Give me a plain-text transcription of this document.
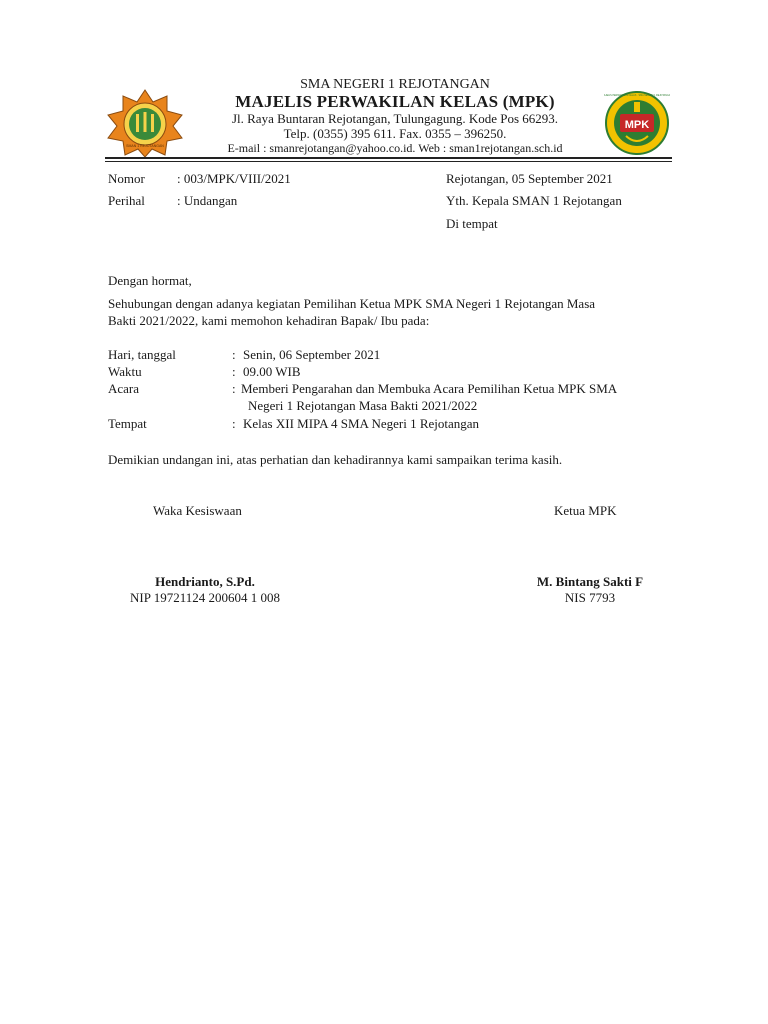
SMAN 1 REJOTANGAN
MPK
MAJELIS PERWAKILAN KELAS · SMA NEGERI 1 REJOTANGAN
SMA NEGERI 1 REJOTANGAN
MAJELIS PERWAKILAN KELAS (MPK)
Jl. Raya Buntaran Rejotangan, Tulungagung. Kode Pos 66293.
Telp. (0355) 395 611. Fax. 0355 – 396250.
E-mail : smanrejotangan@yahoo.co.id. Web : sman1rejotangan.sch.id
Nomor : 003/MPK/VIII/2021
Perihal : Undangan
Rejotangan, 05 September 2021
Yth. Kepala SMAN 1 Rejotangan
Di tempat
Dengan hormat,
Sehubungan dengan adanya kegiatan Pemilihan Ketua MPK SMA Negeri 1 Rejotangan Masa
Bakti 2021/2022, kami memohon kehadiran Bapak/ Ibu pada:
Hari, tanggal	: Senin, 06 September 2021
Waktu	: 09.00 WIB
Acara	: Memberi Pengarahan dan Membuka Acara Pemilihan Ketua MPK SMA
Negeri 1 Rejotangan Masa Bakti 2021/2022
Tempat	: Kelas XII MIPA 4 SMA Negeri 1 Rejotangan
Demikian undangan ini, atas perhatian dan kehadirannya kami sampaikan terima kasih.
Waka Kesiswaan	Ketua MPK
Hendrianto, S.Pd.
NIP 19721124 200604 1 008
M. Bintang Sakti F
NIS 7793
